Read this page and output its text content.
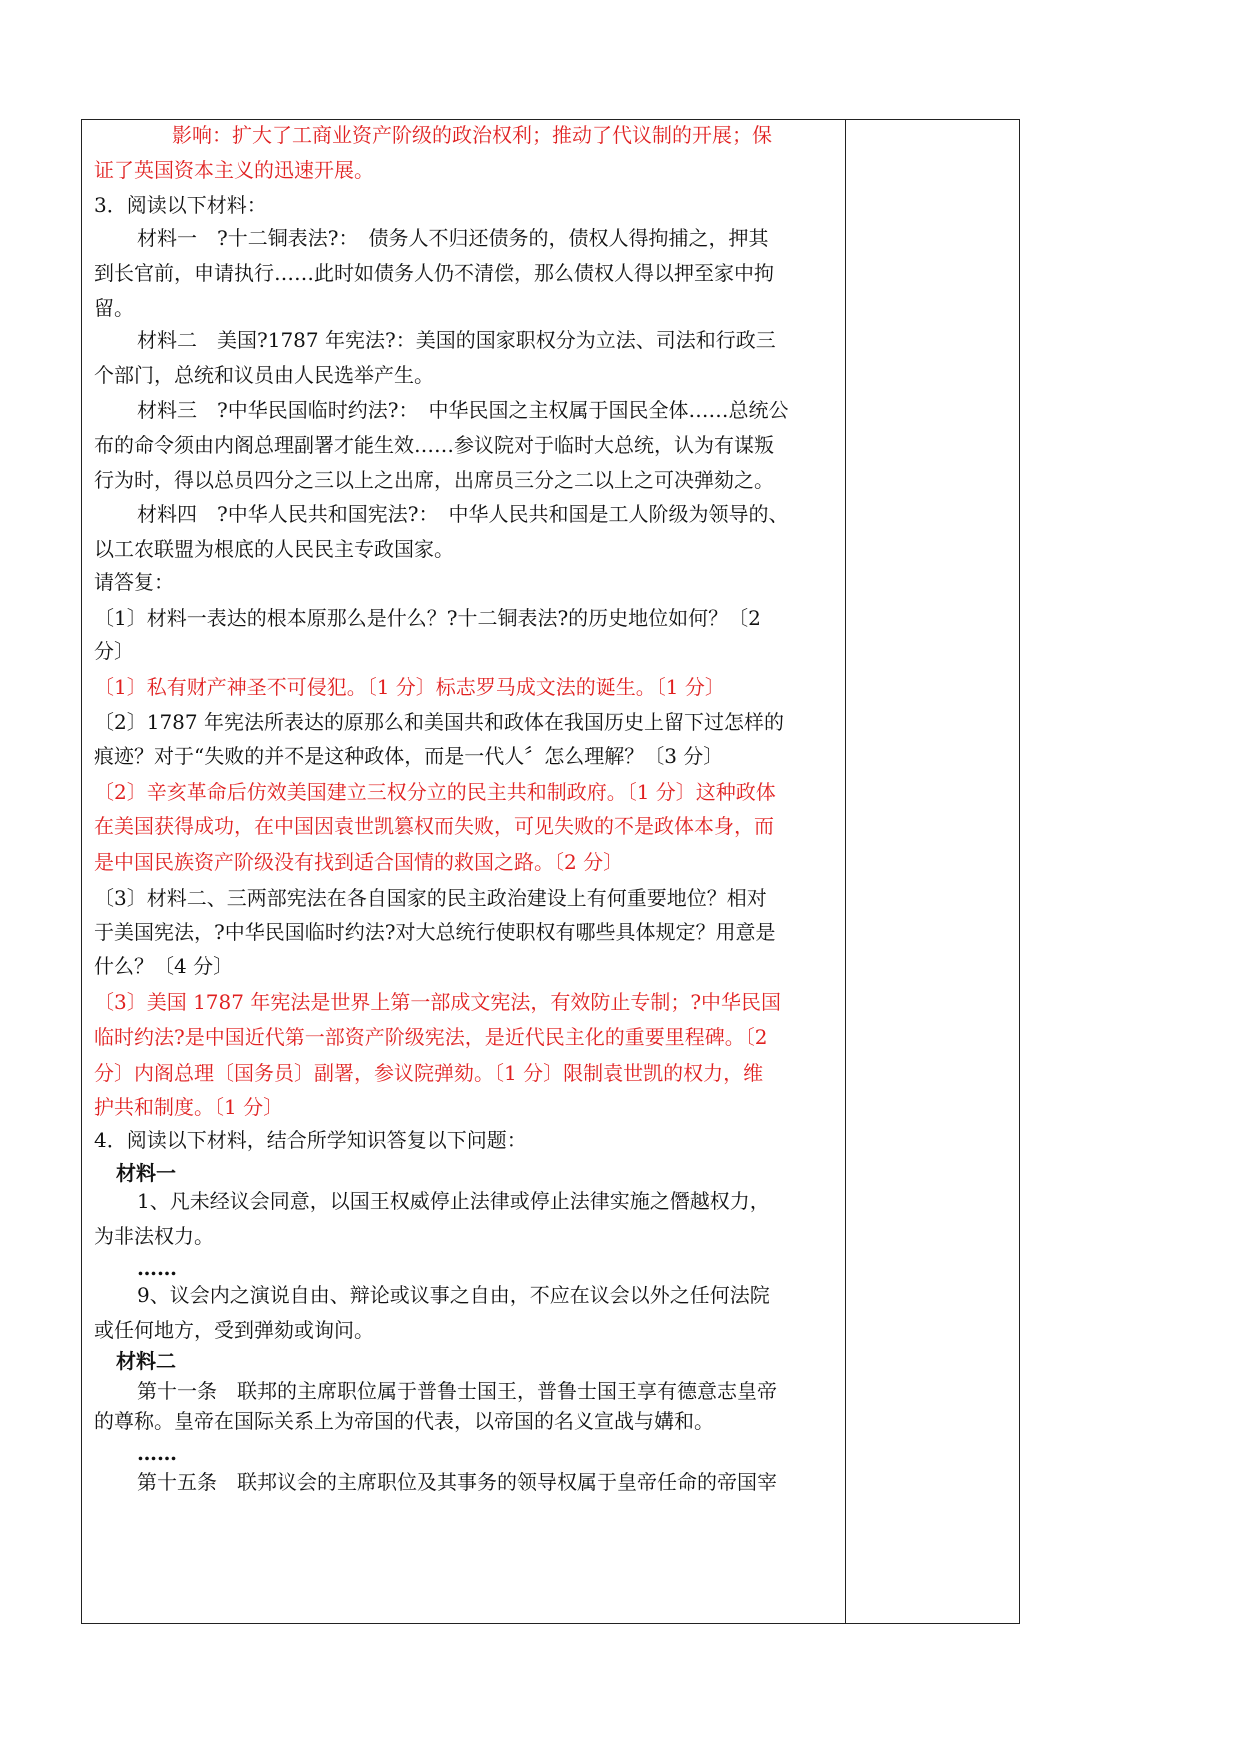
影响：扩大了工商业资产阶级的政治权利；推动了代议制的开展；保
证了英国资本主义的迅速开展。
3．阅读以下材料：
材料一　?十二铜表法?：　债务人不归还债务的，债权人得拘捕之，押其
到长官前，申请执行……此时如债务人仍不清偿，那么债权人得以押至家中拘
留。
材料二　美国?1787 年宪法?：美国的国家职权分为立法、司法和行政三
个部门，总统和议员由人民选举产生。
材料三　?中华民国临时约法?：　中华民国之主权属于国民全体……总统公
布的命令须由内阁总理副署才能生效……参议院对于临时大总统，认为有谋叛
行为时，得以总员四分之三以上之出席，出席员三分之二以上之可决弹劾之。
材料四　?中华人民共和国宪法?：　中华人民共和国是工人阶级为领导的、
以工农联盟为根底的人民民主专政国家。
请答复：
〔1〕材料一表达的根本原那么是什么？?十二铜表法?的历史地位如何？〔2
分〕
〔1〕私有财产神圣不可侵犯。〔1 分〕标志罗马成文法的诞生。〔1 分〕
〔2〕1787 年宪法所表达的原那么和美国共和政体在我国历史上留下过怎样的
痕迹？对于“失败的并不是这种政体，而是一代人〞怎么理解？〔3 分〕
〔2〕辛亥革命后仿效美国建立三权分立的民主共和制政府。〔1 分〕这种政体
在美国获得成功，在中国因袁世凯篡权而失败，可见失败的不是政体本身，而
是中国民族资产阶级没有找到适合国情的救国之路。〔2 分〕
〔3〕材料二、三两部宪法在各自国家的民主政治建设上有何重要地位？相对
于美国宪法，?中华民国临时约法?对大总统行使职权有哪些具体规定？用意是
什么？〔4 分〕
〔3〕美国 1787 年宪法是世界上第一部成文宪法，有效防止专制；?中华民国
临时约法?是中国近代第一部资产阶级宪法，是近代民主化的重要里程碑。〔2
分〕内阁总理〔国务员〕副署，参议院弹劾。〔1 分〕限制袁世凯的权力，维
护共和制度。〔1 分〕
4．阅读以下材料，结合所学知识答复以下问题：
材料一
1、凡未经议会同意，以国王权威停止法律或停止法律实施之僭越权力，
为非法权力。
……
9、议会内之演说自由、辩论或议事之自由，不应在议会以外之任何法院
或任何地方，受到弹劾或询问。
材料二
第十一条　联邦的主席职位属于普鲁士国王，普鲁士国王享有德意志皇帝
的尊称。皇帝在国际关系上为帝国的代表，以帝国的名义宣战与媾和。
……
第十五条　联邦议会的主席职位及其事务的领导权属于皇帝任命的帝国宰
